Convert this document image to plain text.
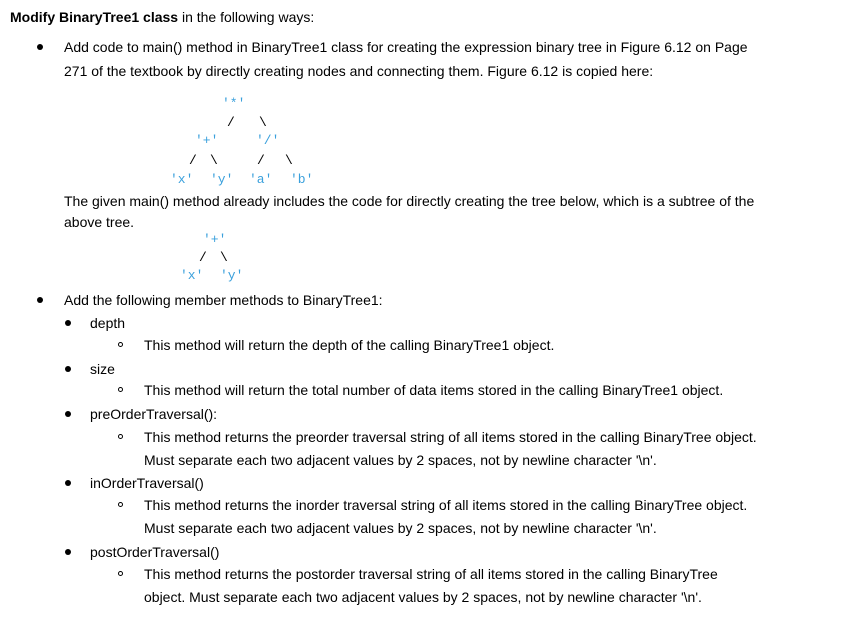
Modify BinaryTree1 class in the following ways:
Add code to main() method in BinaryTree1 class for creating the expression binary tree in Figure 6.12 on Page
271 of the textbook by directly creating nodes and connecting them. Figure 6.12 is copied here:
'*'
/ \
'+'	'/'
/ \	/ \
'x' 'y' 'a' 'b'
The given main() method already includes the code for directly creating the tree below, which is a subtree of the
above tree.
'+'
/ \
'x' 'y'
Add the following member methods to BinaryTree1:
depth
This method will return the depth of the calling BinaryTree1 object.
size
This method will return the total number of data items stored in the calling BinaryTree1 object.
preOrderTraversal():
This method returns the preorder traversal string of all items stored in the calling BinaryTree object.
Must separate each two adjacent values by 2 spaces, not by newline character '\n'.
inOrderTraversal()
This method returns the inorder traversal string of all items stored in the calling BinaryTree object.
Must separate each two adjacent values by 2 spaces, not by newline character '\n'.
postOrderTraversal()
This method returns the postorder traversal string of all items stored in the calling BinaryTree
object. Must separate each two adjacent values by 2 spaces, not by newline character '\n'.
